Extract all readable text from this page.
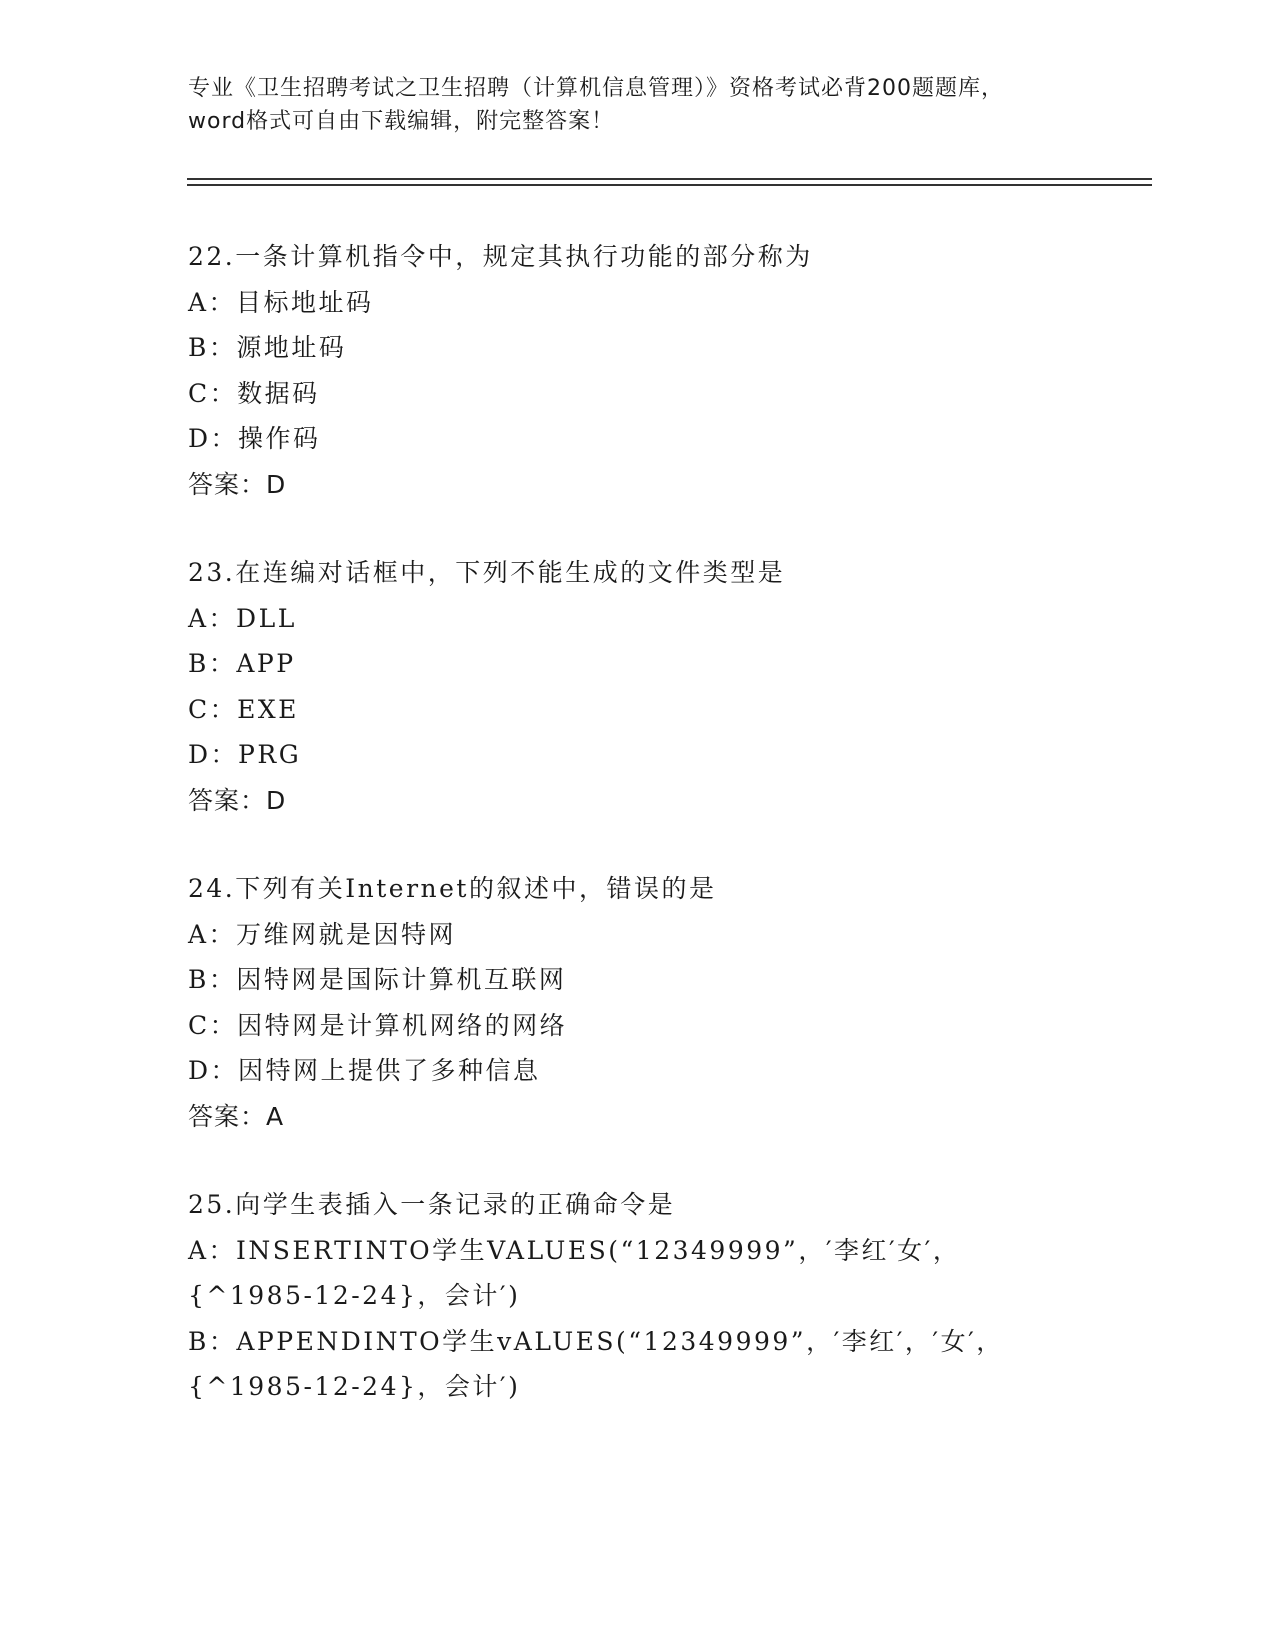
专业《卫生招聘考试之卫生招聘（计算机信息管理）》资格考试必背200题题库，
word格式可自由下载编辑，附完整答案！
22.一条计算机指令中，规定其执行功能的部分称为
A：目标地址码
B：源地址码
C：数据码
D：操作码
答案：D
23.在连编对话框中，下列不能生成的文件类型是
A：DLL
B：APP
C：EXE
D：PRG
答案：D
24.下列有关Internet的叙述中，错误的是
A：万维网就是因特网
B：因特网是国际计算机互联网
C：因特网是计算机网络的网络
D：因特网上提供了多种信息
答案：A
25.向学生表插入一条记录的正确命令是
A：INSERTINTO学生VALUES(“12349999”，′李红′女′，{^1985-12-24}，会计′)
B：APPENDINTO学生vALUES(“12349999”，′李红′，′女′，{^1985-12-24}，会计′)
